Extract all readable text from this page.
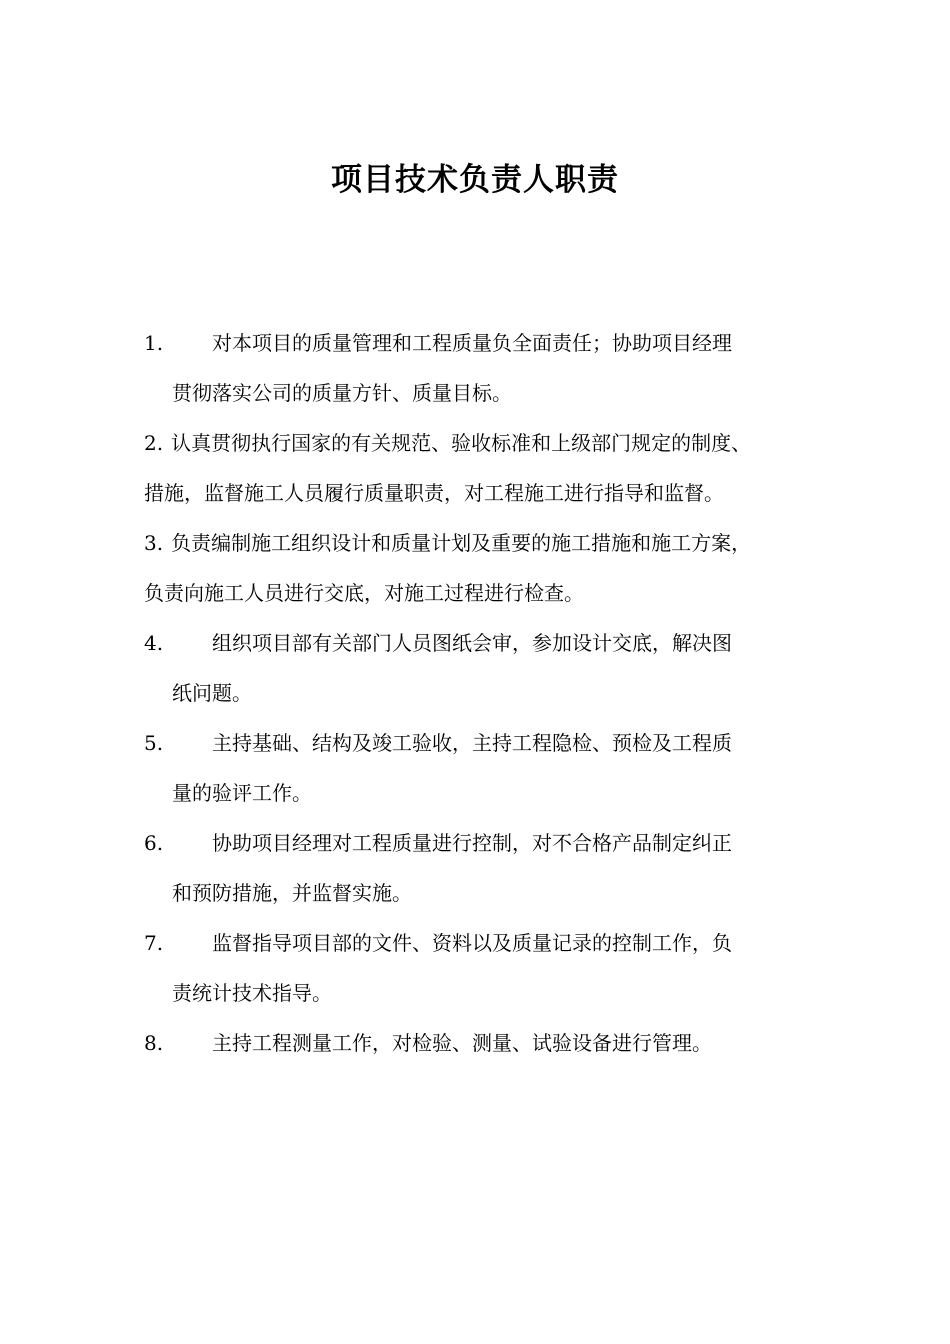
项目技术负责人职责
1. 对本项目的质量管理和工程质量负全面责任；协助项目经理
贯彻落实公司的质量方针、质量目标。
2. 认真贯彻执行国家的有关规范、验收标准和上级部门规定的制度、
措施，监督施工人员履行质量职责，对工程施工进行指导和监督。
3. 负责编制施工组织设计和质量计划及重要的施工措施和施工方案，
负责向施工人员进行交底，对施工过程进行检查。
4. 组织项目部有关部门人员图纸会审，参加设计交底，解决图
纸问题。
5. 主持基础、结构及竣工验收，主持工程隐检、预检及工程质
量的验评工作。
6. 协助项目经理对工程质量进行控制，对不合格产品制定纠正
和预防措施，并监督实施。
7. 监督指导项目部的文件、资料以及质量记录的控制工作，负
责统计技术指导。
8. 主持工程测量工作，对检验、测量、试验设备进行管理。
